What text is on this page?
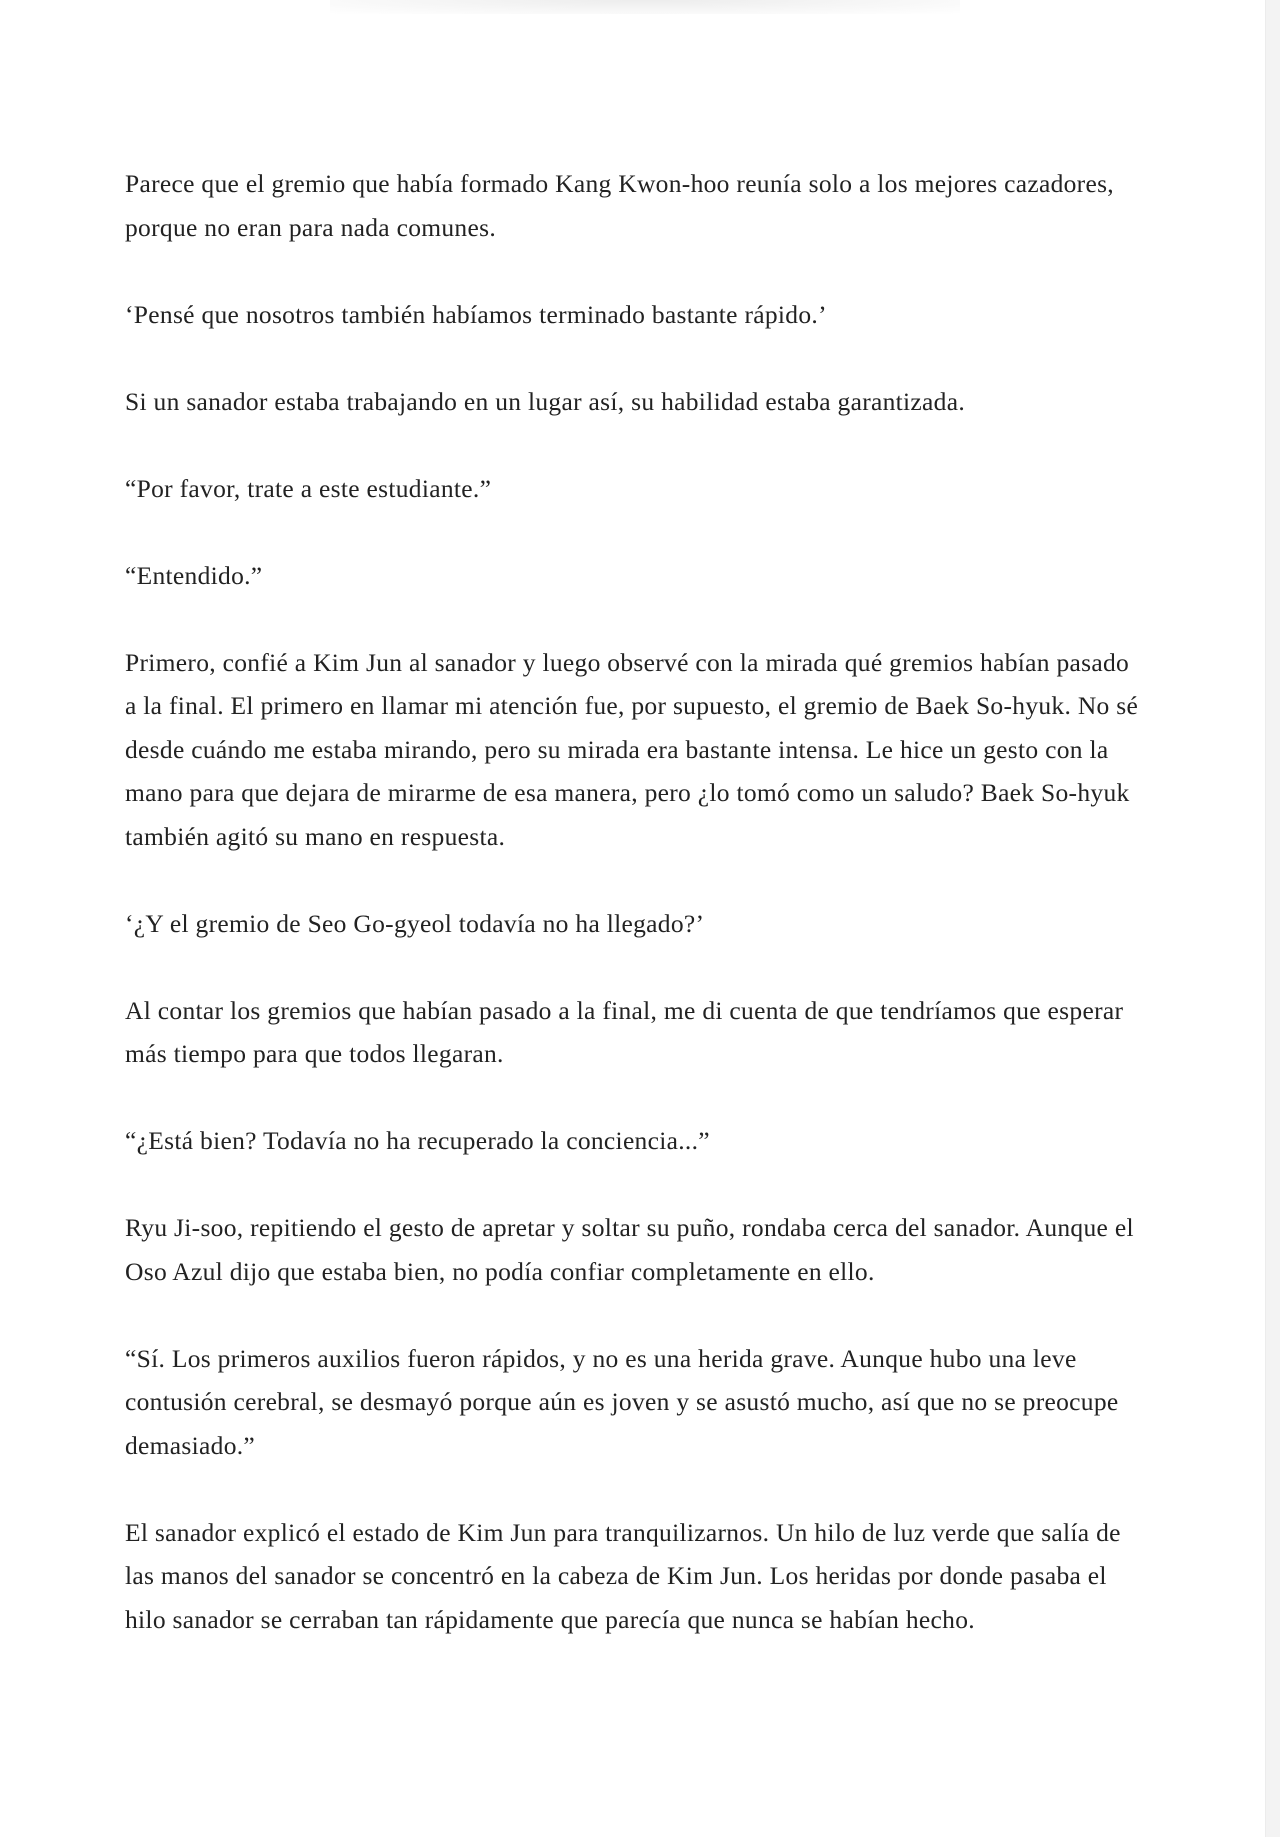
Parece que el gremio que había formado Kang Kwon-hoo reunía solo a los mejores cazadores, porque no eran para nada comunes.

‘Pensé que nosotros también habíamos terminado bastante rápido.’

Si un sanador estaba trabajando en un lugar así, su habilidad estaba garantizada.

“Por favor, trate a este estudiante.”

“Entendido.”

Primero, confié a Kim Jun al sanador y luego observé con la mirada qué gremios habían pasado a la final. El primero en llamar mi atención fue, por supuesto, el gremio de Baek So-hyuk. No sé desde cuándo me estaba mirando, pero su mirada era bastante intensa. Le hice un gesto con la mano para que dejara de mirarme de esa manera, pero ¿lo tomó como un saludo? Baek So-hyuk también agitó su mano en respuesta.

‘¿Y el gremio de Seo Go-gyeol todavía no ha llegado?’

Al contar los gremios que habían pasado a la final, me di cuenta de que tendríamos que esperar más tiempo para que todos llegaran.

“¿Está bien? Todavía no ha recuperado la conciencia...”

Ryu Ji-soo, repitiendo el gesto de apretar y soltar su puño, rondaba cerca del sanador. Aunque el Oso Azul dijo que estaba bien, no podía confiar completamente en ello.

“Sí. Los primeros auxilios fueron rápidos, y no es una herida grave. Aunque hubo una leve contusión cerebral, se desmayó porque aún es joven y se asustó mucho, así que no se preocupe demasiado.”

El sanador explicó el estado de Kim Jun para tranquilizarnos. Un hilo de luz verde que salía de las manos del sanador se concentró en la cabeza de Kim Jun. Los heridas por donde pasaba el hilo sanador se cerraban tan rápidamente que parecía que nunca se habían hecho.
